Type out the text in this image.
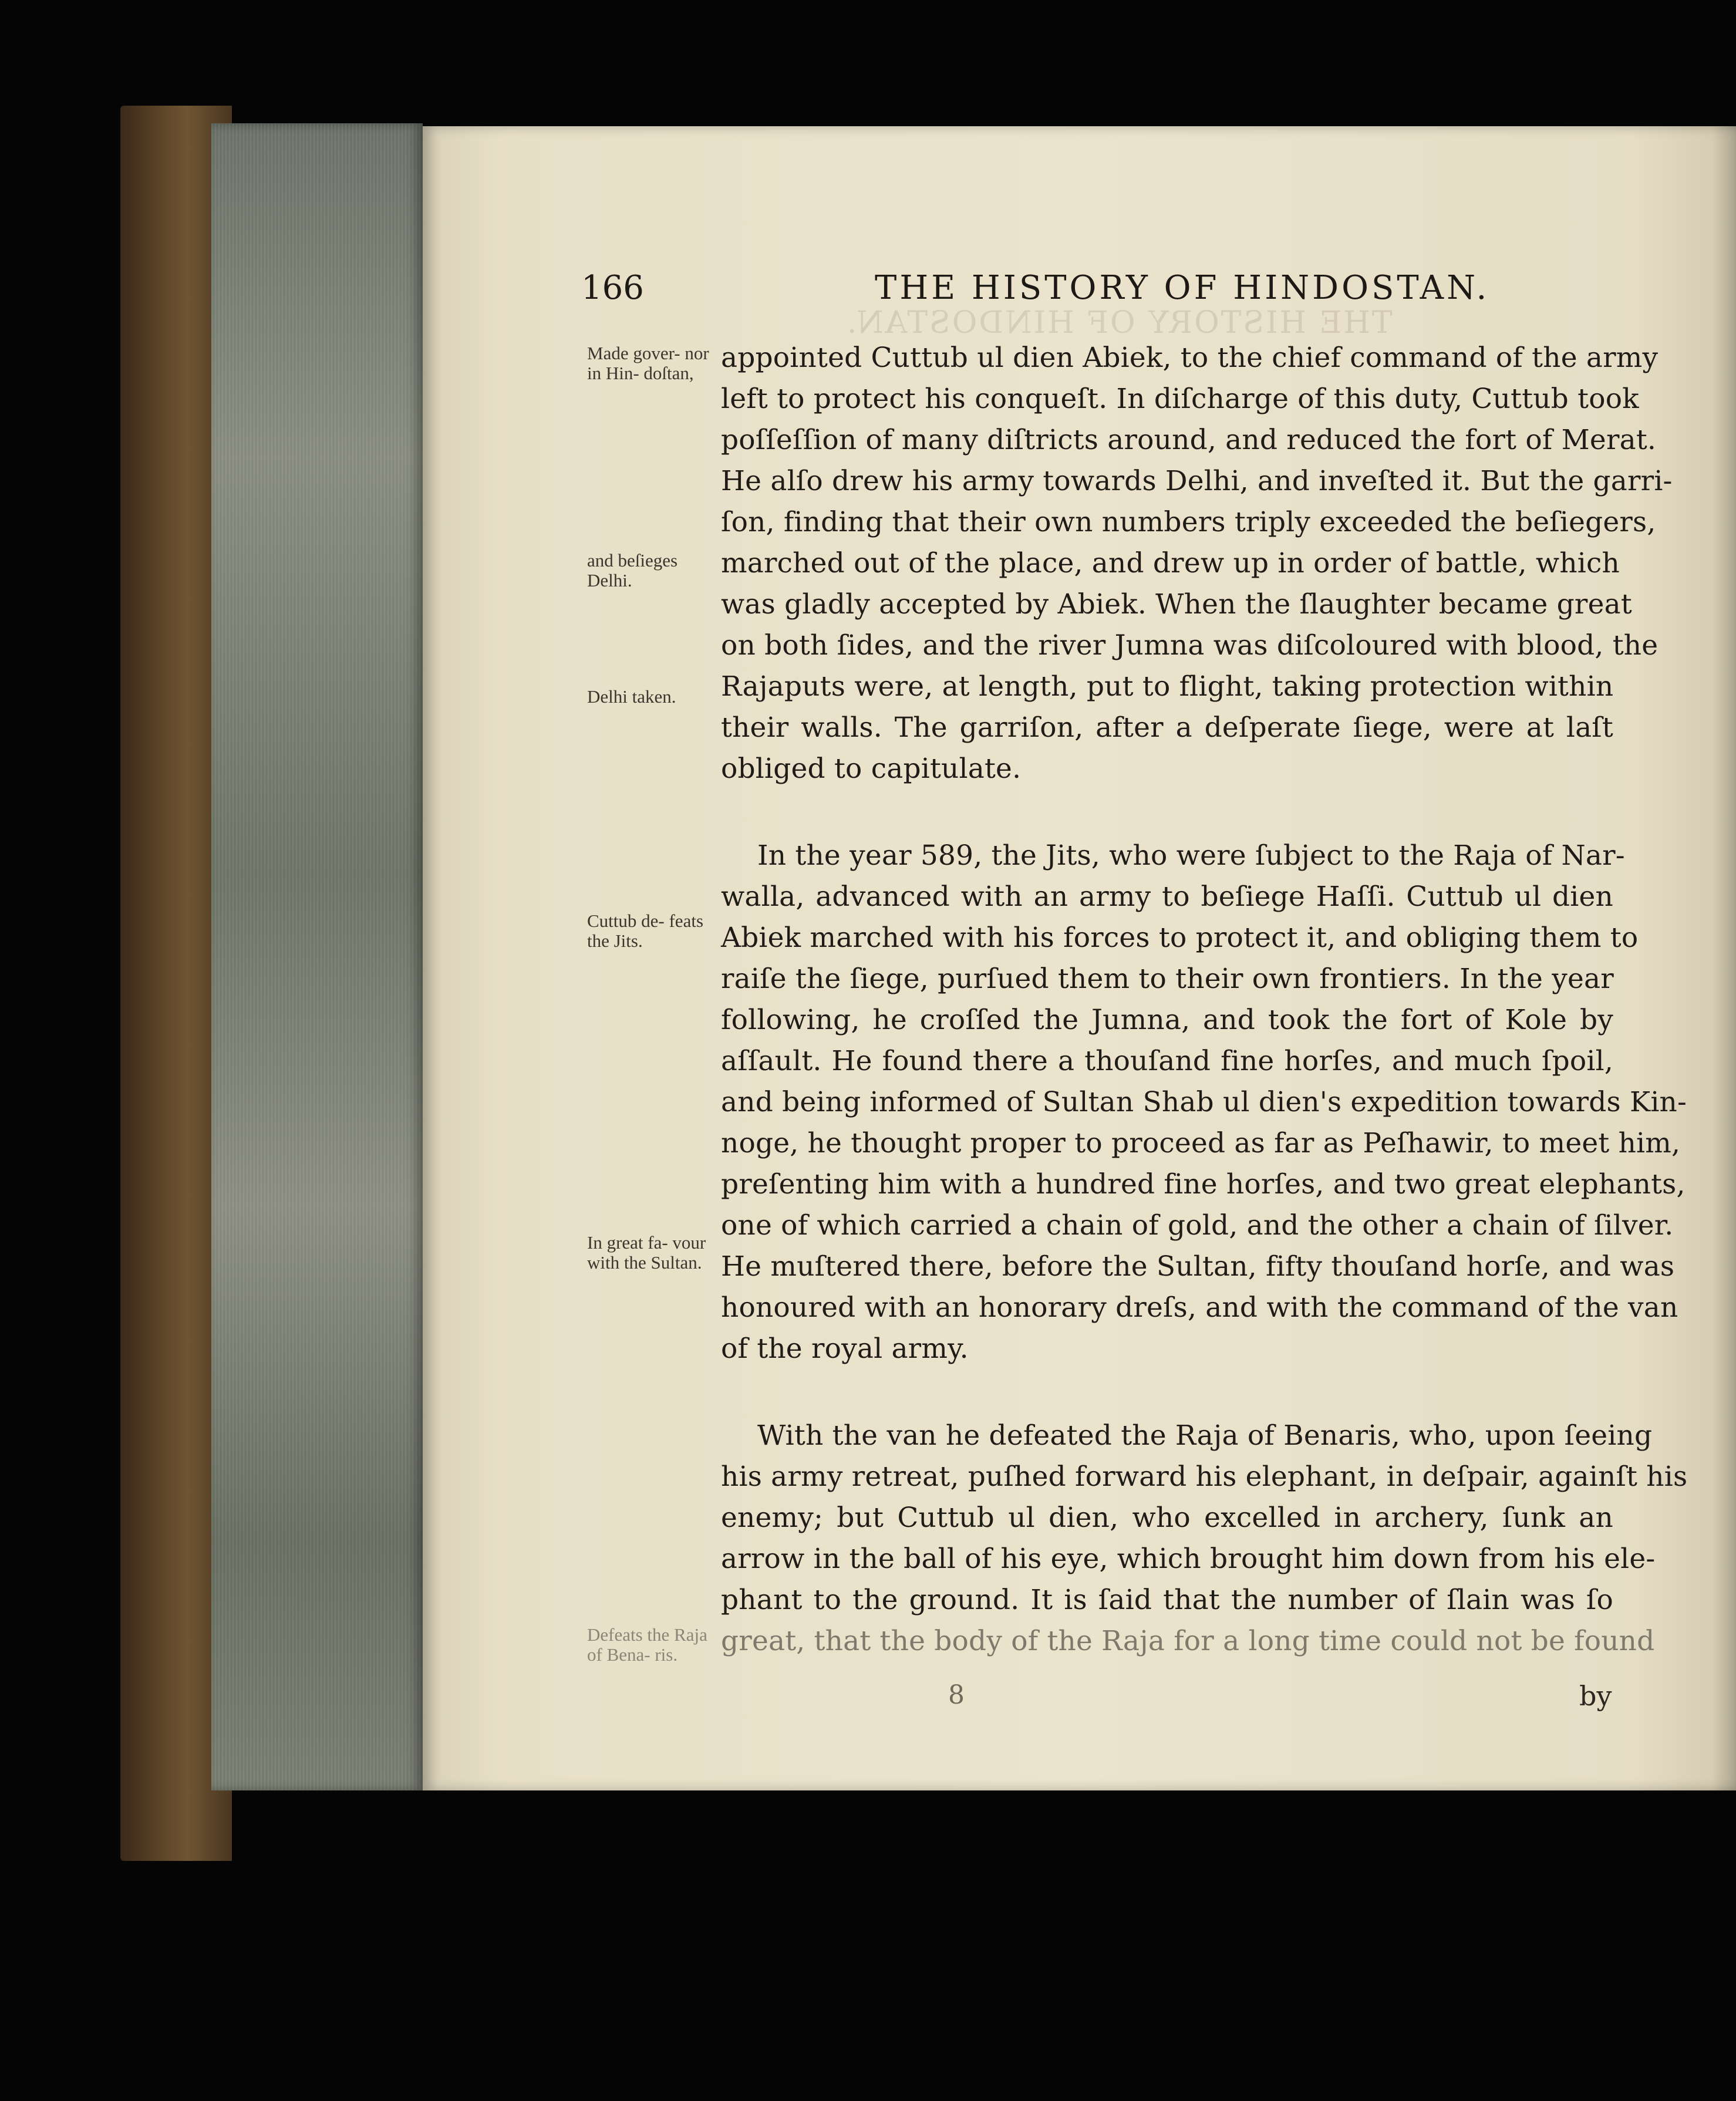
THE HISTORY OF HINDOSTAN.
166	THE HISTORY OF HINDOSTAN.
Made gover- nor in Hin- doſtan,
and beſieges Delhi.
Delhi taken.
Cuttub de- feats the Jits.
In great fa- vour with the Sultan.
Defeats the Raja of Bena- ris.
appointed Cuttub ul dien Abiek, to the chief command of the army
left to protect his conqueſt. In diſcharge of this duty, Cuttub took
poſſeſſion of many diſtricts around, and reduced the fort of Merat.
He alſo drew his army towards Delhi, and inveſted it. But the garri-
ſon, finding that their own numbers triply exceeded the beſiegers,
marched out of the place, and drew up in order of battle, which
was gladly accepted by Abiek. When the ſlaughter became great
on both ſides, and the river Jumna was diſcoloured with blood, the
Rajaputs were, at length, put to flight, taking protection within
their walls. The garriſon, after a deſperate ſiege, were at laſt
obliged to capitulate.
In the year 589, the Jits, who were ſubject to the Raja of Nar-
walla, advanced with an army to beſiege Haſſi. Cuttub ul dien
Abiek marched with his forces to protect it, and obliging them to
raiſe the ſiege, purſued them to their own frontiers. In the year
following, he croſſed the Jumna, and took the fort of Kole by
aſſault. He found there a thouſand fine horſes, and much ſpoil,
and being informed of Sultan Shab ul dien's expedition towards Kin-
noge, he thought proper to proceed as far as Peſhawir, to meet him,
preſenting him with a hundred fine horſes, and two great elephants,
one of which carried a chain of gold, and the other a chain of ſilver.
He muſtered there, before the Sultan, fifty thouſand horſe, and was
honoured with an honorary dreſs, and with the command of the van
of the royal army.
With the van he defeated the Raja of Benaris, who, upon ſeeing
his army retreat, puſhed forward his elephant, in deſpair, againſt his
enemy; but Cuttub ul dien, who excelled in archery, ſunk an
arrow in the ball of his eye, which brought him down from his ele-
phant to the ground. It is ſaid that the number of ſlain was ſo
great, that the body of the Raja for a long time could not be found
8	by
